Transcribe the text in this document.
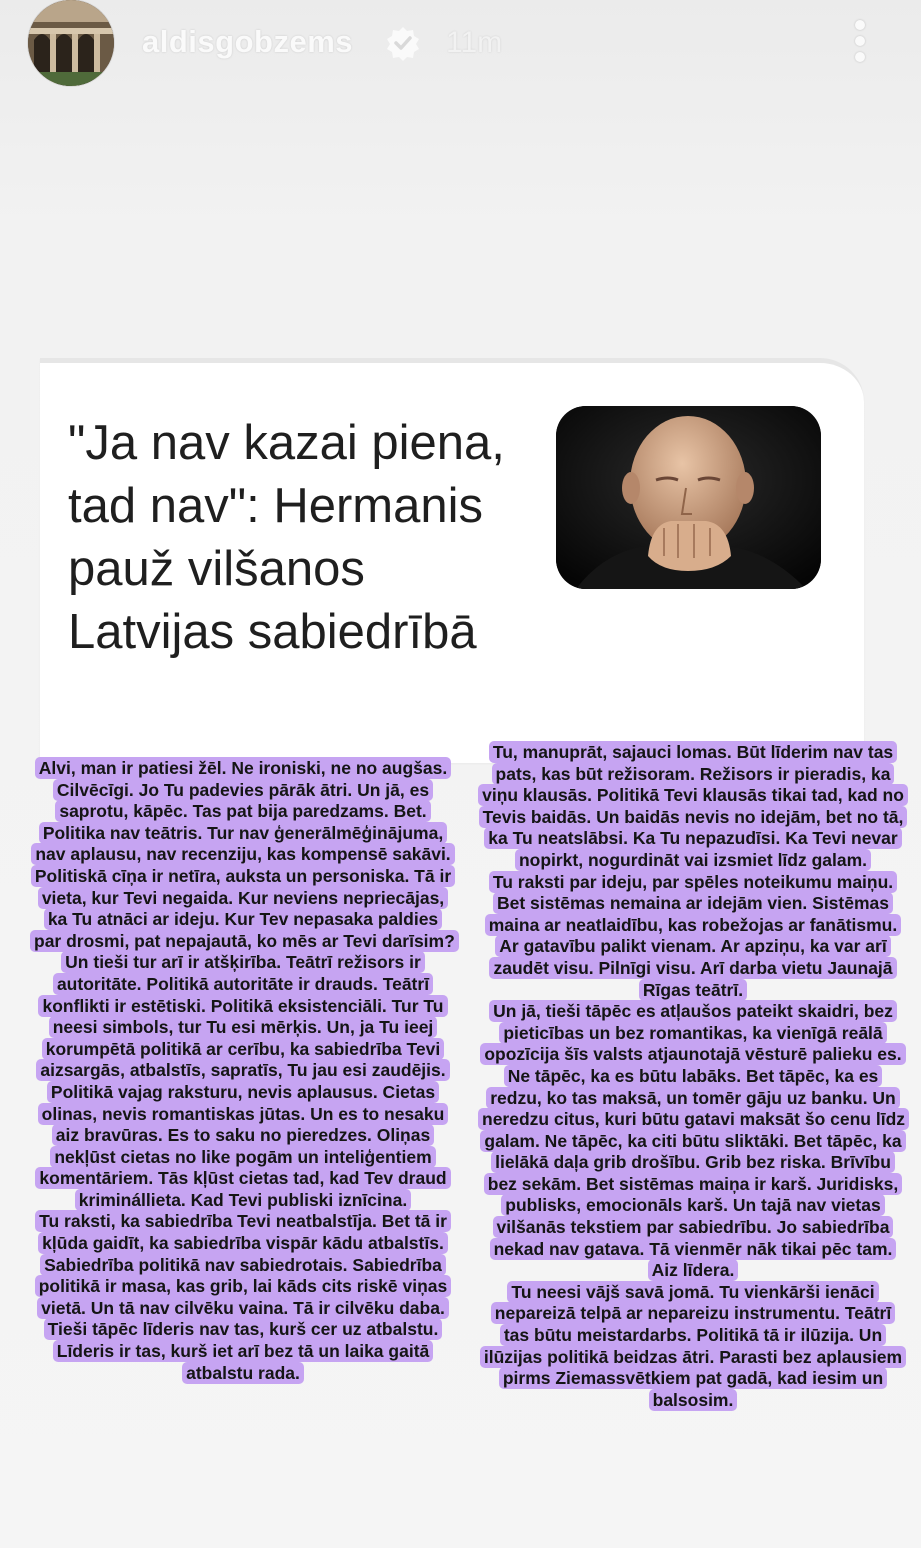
aldisgobzems	11m
"Ja nav kazai piena, tad nav": Hermanis pauž vilšanos Latvijas sabiedrībā

Alvi, man ir patiesi žēl. Ne ironiski, ne no augšas. Cilvēcīgi. Jo Tu padevies pārāk ātri. Un jā, es saprotu, kāpēc. Tas pat bija paredzams. Bet. Politika nav teātris. Tur nav ģenerālmēģinājuma, nav aplausu, nav recenziju, kas kompensē sakāvi. Politiskā cīņa ir netīra, auksta un personiska. Tā ir vieta, kur Tevi negaida. Kur neviens nepriecājas, ka Tu atnāci ar ideju. Kur Tev nepasaka paldies par drosmi, pat nepajautā, ko mēs ar Tevi darīsim? Un tieši tur arī ir atšķirība. Teātrī režisors ir autoritāte. Politikā autoritāte ir drauds. Teātrī konflikti ir estētiski. Politikā eksistenciāli. Tur Tu neesi simbols, tur Tu esi mērķis. Un, ja Tu ieej korumpētā politikā ar cerību, ka sabiedrība Tevi aizsargās, atbalstīs, sapratīs, Tu jau esi zaudējis.

Politikā vajag raksturu, nevis aplausus. Cietas olinas, nevis romantiskas jūtas. Un es to nesaku aiz bravūras. Es to saku no pieredzes. Oliņas nekļūst cietas no like pogām un inteliģentiem komentāriem. Tās kļūst cietas tad, kad Tev draud kriminállieta. Kad Tevi publiski iznīcina.

Tu raksti, ka sabiedrība Tevi neatbalstīja. Bet tā ir kļūda gaidīt, ka sabiedrība vispār kādu atbalstīs. Sabiedrība politikā nav sabiedrotais. Sabiedrība politikā ir masa, kas grib, lai kāds cits riskē viņas vietā. Un tā nav cilvēku vaina. Tā ir cilvēku daba. Tieši tāpēc līderis nav tas, kurš cer uz atbalstu. Līderis ir tas, kurš iet arī bez tā un laika gaitā atbalstu rada.

Tu, manuprāt, sajauci lomas. Būt līderim nav tas pats, kas būt režisoram. Režisors ir pieradis, ka viņu klausās. Politikā Tevi klausās tikai tad, kad no Tevis baidās. Un baidās nevis no idejām, bet no tā, ka Tu neatslābsi. Ka Tu nepazudīsi. Ka Tevi nevar nopirkt, nogurdināt vai izsmiet līdz galam.

Tu raksti par ideju, par spēles noteikumu maiņu. Bet sistēmas nemaina ar idejām vien. Sistēmas maina ar neatlaidību, kas robežojas ar fanātismu. Ar gatavību palikt vienam. Ar apziņu, ka var arī zaudēt visu. Pilnīgi visu. Arī darba vietu Jaunajā Rīgas teātrī.

Un jā, tieši tāpēc es atļaušos pateikt skaidri, bez pieticības un bez romantikas, ka vienīgā reālā opozīcija šīs valsts atjaunotajā vēsturē palieku es. Ne tāpēc, ka es būtu labāks. Bet tāpēc, ka es redzu, ko tas maksā, un tomēr gāju uz banku. Un neredzu citus, kuri būtu gatavi maksāt šo cenu līdz galam. Ne tāpēc, ka citi būtu sliktāki. Bet tāpēc, ka lielākā daļa grib drošību. Grib bez riska. Brīvību bez sekām. Bet sistēmas maiņa ir karš. Juridisks, publisks, emocionāls karš. Un tajā nav vietas vilšanās tekstiem par sabiedrību. Jo sabiedrība nekad nav gatava. Tā vienmēr nāk tikai pēc tam. Aiz līdera.

Tu neesi vājš savā jomā. Tu vienkārši ienāci nepareizā telpā ar nepareizu instrumentu. Teātrī tas būtu meistardarbs. Politikā tā ir ilūzija. Un ilūzijas politikā beidzas ātri. Parasti bez aplausiem pirms Ziemassvētkiem pat gadā, kad iesim un balsosim.
